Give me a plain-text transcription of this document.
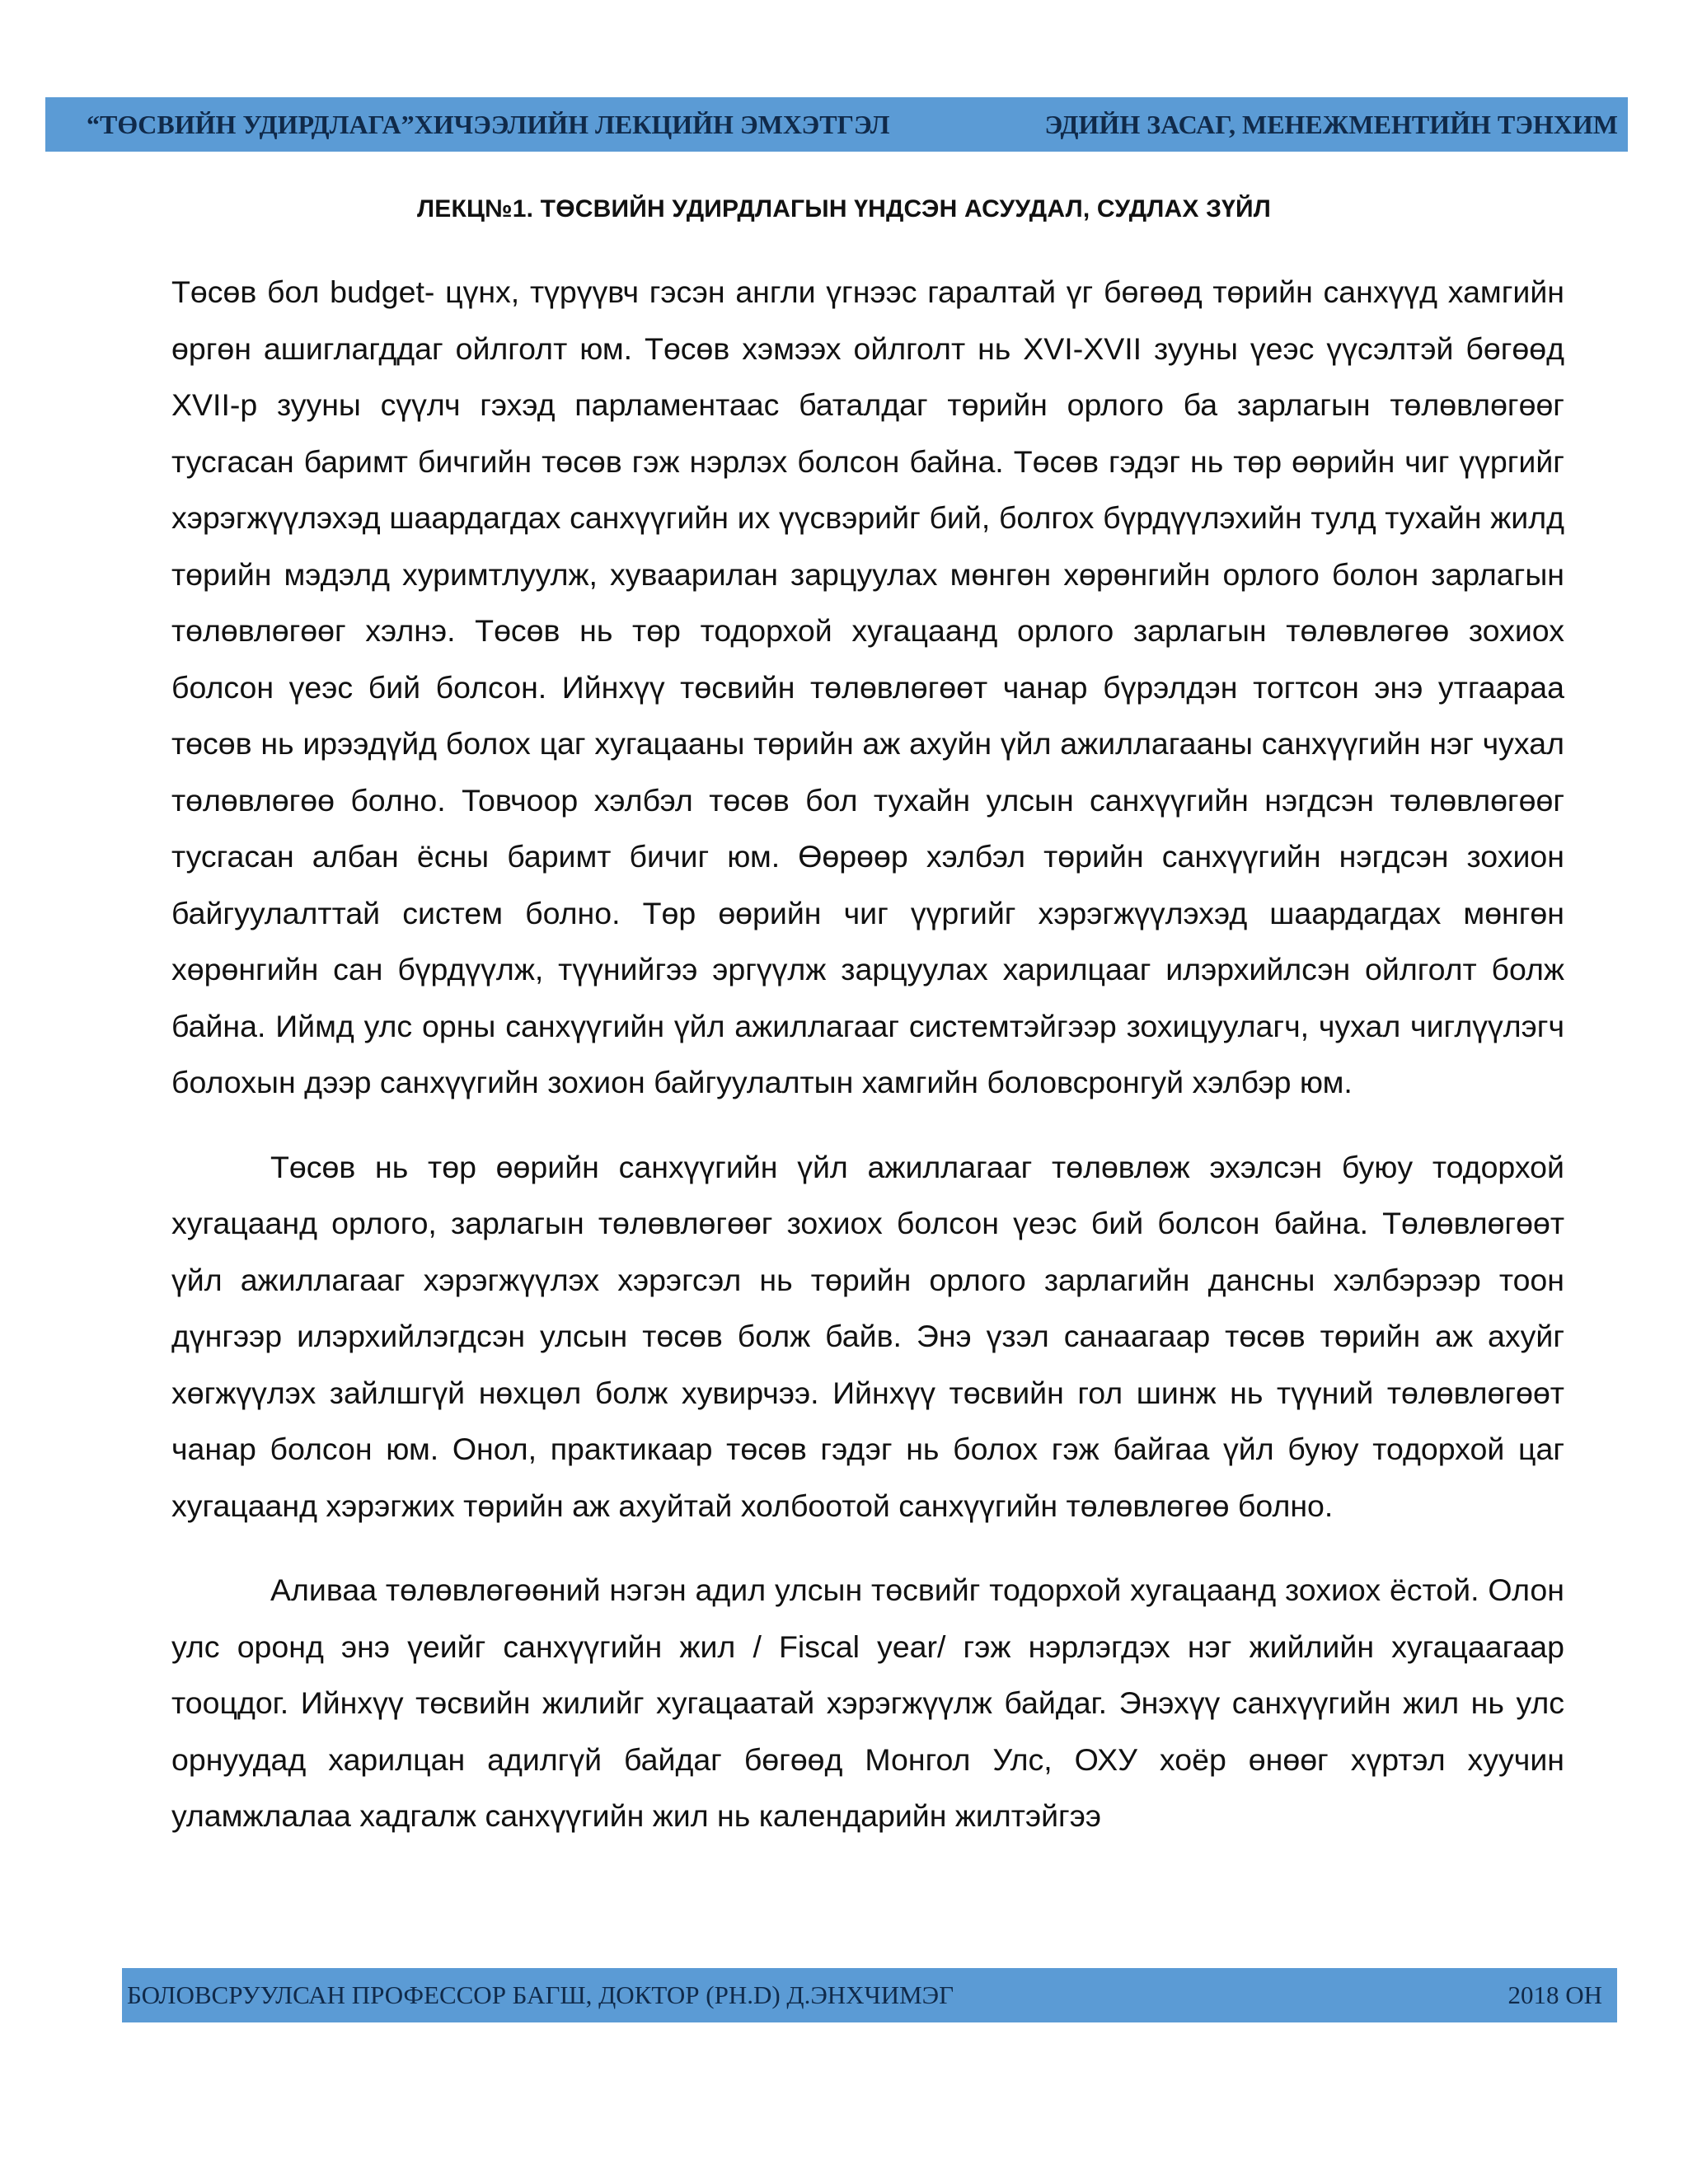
“ТӨСВИЙН УДИРДЛАГА”ХИЧЭЭЛИЙН ЛЕКЦИЙН ЭМХЭТГЭЛ	ЭДИЙН ЗАСАГ, МЕНЕЖМЕНТИЙН ТЭНХИМ
ЛЕКЦ№1. ТӨСВИЙН УДИРДЛАГЫН ҮНДСЭН АСУУДАЛ, СУДЛАХ ЗҮЙЛ

Төсөв бол budget- цүнх, түрүүвч гэсэн англи үгнээс гаралтай үг бөгөөд төрийн санхүүд хамгийн өргөн ашиглагддаг ойлголт юм. Төсөв хэмээх ойлголт нь XVI-XVII зууны үеэс үүсэлтэй бөгөөд XVII-р зууны сүүлч гэхэд парламентаас баталдаг төрийн орлого ба зарлагын төлөвлөгөөг тусгасан баримт бичгийн төсөв гэж нэрлэх болсон байна. Төсөв гэдэг нь төр өөрийн чиг үүргийг хэрэгжүүлэхэд шаардагдах санхүүгийн их үүсвэрийг бий, болгох бүрдүүлэхийн тулд тухайн жилд төрийн мэдэлд хуримтлуулж, хуваарилан зарцуулах мөнгөн хөрөнгийн орлого болон зарлагын төлөвлөгөөг хэлнэ. Төсөв нь төр тодорхой хугацаанд орлого зарлагын төлөвлөгөө зохиох болсон үеэс бий болсон. Ийнхүү төсвийн төлөвлөгөөт чанар бүрэлдэн тогтсон энэ утгаараа төсөв нь ирээдүйд болох цаг хугацааны төрийн аж ахуйн үйл ажиллагааны санхүүгийн нэг чухал төлөвлөгөө болно. Товчоор хэлбэл төсөв бол тухайн улсын санхүүгийн нэгдсэн төлөвлөгөөг тусгасан албан ёсны баримт бичиг юм. Өөрөөр хэлбэл төрийн санхүүгийн нэгдсэн зохион байгуулалттай систем болно. Төр өөрийн чиг үүргийг хэрэгжүүлэхэд шаардагдах мөнгөн хөрөнгийн сан бүрдүүлж, түүнийгээ эргүүлж зарцуулах харилцааг илэрхийлсэн ойлголт болж байна. Иймд улс орны санхүүгийн үйл ажиллагааг системтэйгээр зохицуулагч, чухал чиглүүлэгч болохын дээр санхүүгийн зохион байгуулалтын хамгийн боловсронгуй хэлбэр юм.

Төсөв нь төр өөрийн санхүүгийн үйл ажиллагааг төлөвлөж эхэлсэн буюу тодорхой хугацаанд орлого, зарлагын төлөвлөгөөг зохиох болсон үеэс бий болсон байна. Төлөвлөгөөт үйл ажиллагааг хэрэгжүүлэх хэрэгсэл нь төрийн орлого зарлагийн дансны хэлбэрээр тоон дүнгээр илэрхийлэгдсэн улсын төсөв болж байв. Энэ үзэл санаагаар төсөв төрийн аж ахуйг хөгжүүлэх зайлшгүй нөхцөл болж хувирчээ. Ийнхүү төсвийн гол шинж нь түүний төлөвлөгөөт чанар болсон юм. Онол, практикаар төсөв гэдэг нь болох гэж байгаа үйл буюу тодорхой цаг хугацаанд хэрэгжих төрийн аж ахуйтай холбоотой санхүүгийн төлөвлөгөө болно.

Аливаа төлөвлөгөөний нэгэн адил улсын төсвийг тодорхой хугацаанд зохиох ёстой. Олон улс оронд энэ үеийг санхүүгийн жил / Fiscal year/ гэж нэрлэгдэх нэг жийлийн хугацаагаар тооцдог. Ийнхүү төсвийн жилийг хугацаатай хэрэгжүүлж байдаг. Энэхүү санхүүгийн жил нь улс орнуудад харилцан адилгүй байдаг бөгөөд Монгол Улс, ОХУ хоёр өнөөг хүртэл хуучин уламжлалаа хадгалж санхүүгийн жил нь календарийн жилтэйгээ

БОЛОВСРУУЛСАН ПРОФЕССОР БАГШ, ДОКТОР (PH.D) Д.ЭНХЧИМЭГ	2018 ОН
